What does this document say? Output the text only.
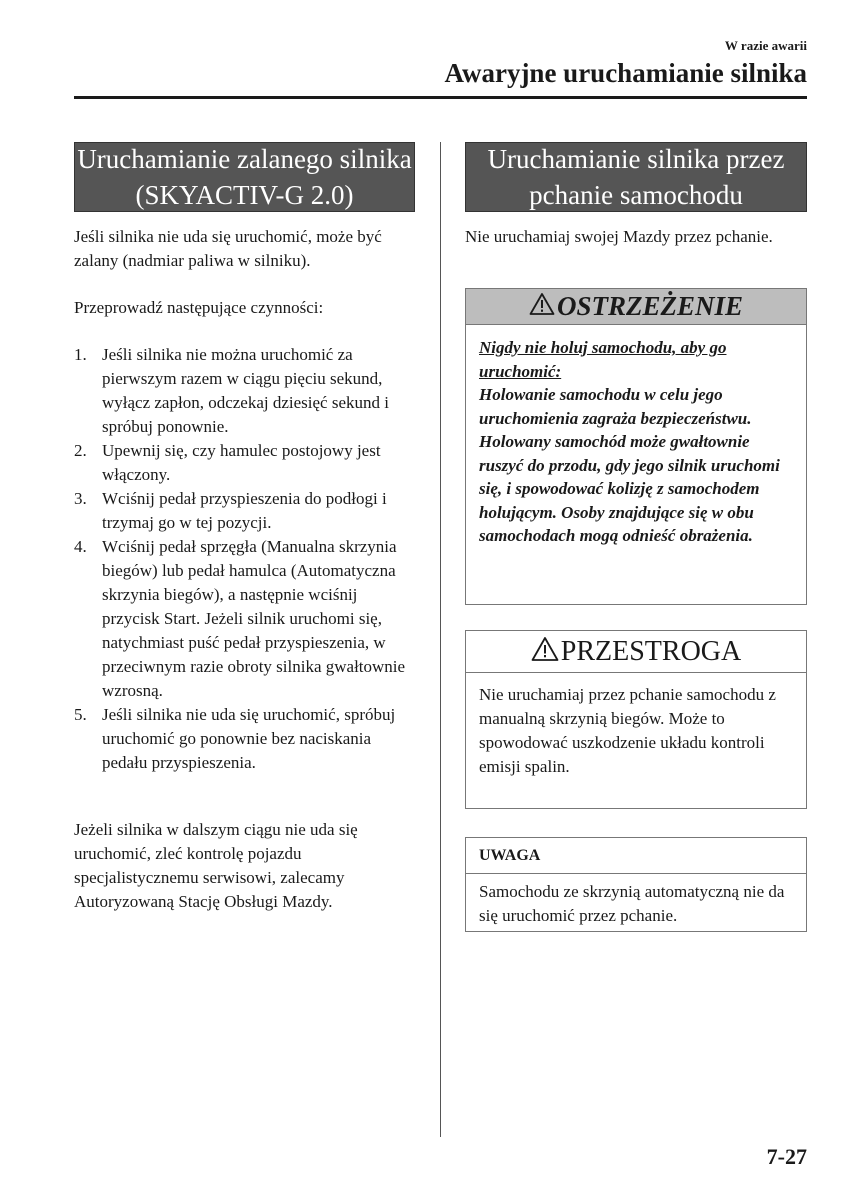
W razie awarii
Awaryjne uruchamianie silnika
Uruchamianie zalanego silnika (SKYACTIV-G 2.0)

Jeśli silnika nie uda się uruchomić, może być zalany (nadmiar paliwa w silniku).

Przeprowadź następujące czynności:

1. Jeśli silnika nie można uruchomić za pierwszym razem w ciągu pięciu sekund, wyłącz zapłon, odczekaj dziesięć sekund i spróbuj ponownie.
2. Upewnij się, czy hamulec postojowy jest włączony.
3. Wciśnij pedał przyspieszenia do podłogi i trzymaj go w tej pozycji.
4. Wciśnij pedał sprzęgła (Manualna skrzynia biegów) lub pedał hamulca (Automatyczna skrzynia biegów), a następnie wciśnij przycisk Start. Jeżeli silnik uruchomi się, natychmiast puść pedał przyspieszenia, w przeciwnym razie obroty silnika gwałtownie wzrosną.
5. Jeśli silnika nie uda się uruchomić, spróbuj uruchomić go ponownie bez naciskania pedału przyspieszenia.

Jeżeli silnika w dalszym ciągu nie uda się uruchomić, zleć kontrolę pojazdu specjalistycznemu serwisowi, zalecamy Autoryzowaną Stację Obsługi Mazdy.

Uruchamianie silnika przez pchanie samochodu

Nie uruchamiaj swojej Mazdy przez pchanie.

OSTRZEŻENIE
Nigdy nie holuj samochodu, aby go uruchomić:
Holowanie samochodu w celu jego uruchomienia zagraża bezpieczeństwu. Holowany samochód może gwałtownie ruszyć do przodu, gdy jego silnik uruchomi się, i spowodować kolizję z samochodem holującym. Osoby znajdujące się w obu samochodach mogą odnieść obrażenia.
PRZESTROGA
Nie uruchamiaj przez pchanie samochodu z manualną skrzynią biegów. Może to spowodować uszkodzenie układu kontroli emisji spalin.
UWAGA
Samochodu ze skrzynią automatyczną nie da się uruchomić przez pchanie.
7-27
